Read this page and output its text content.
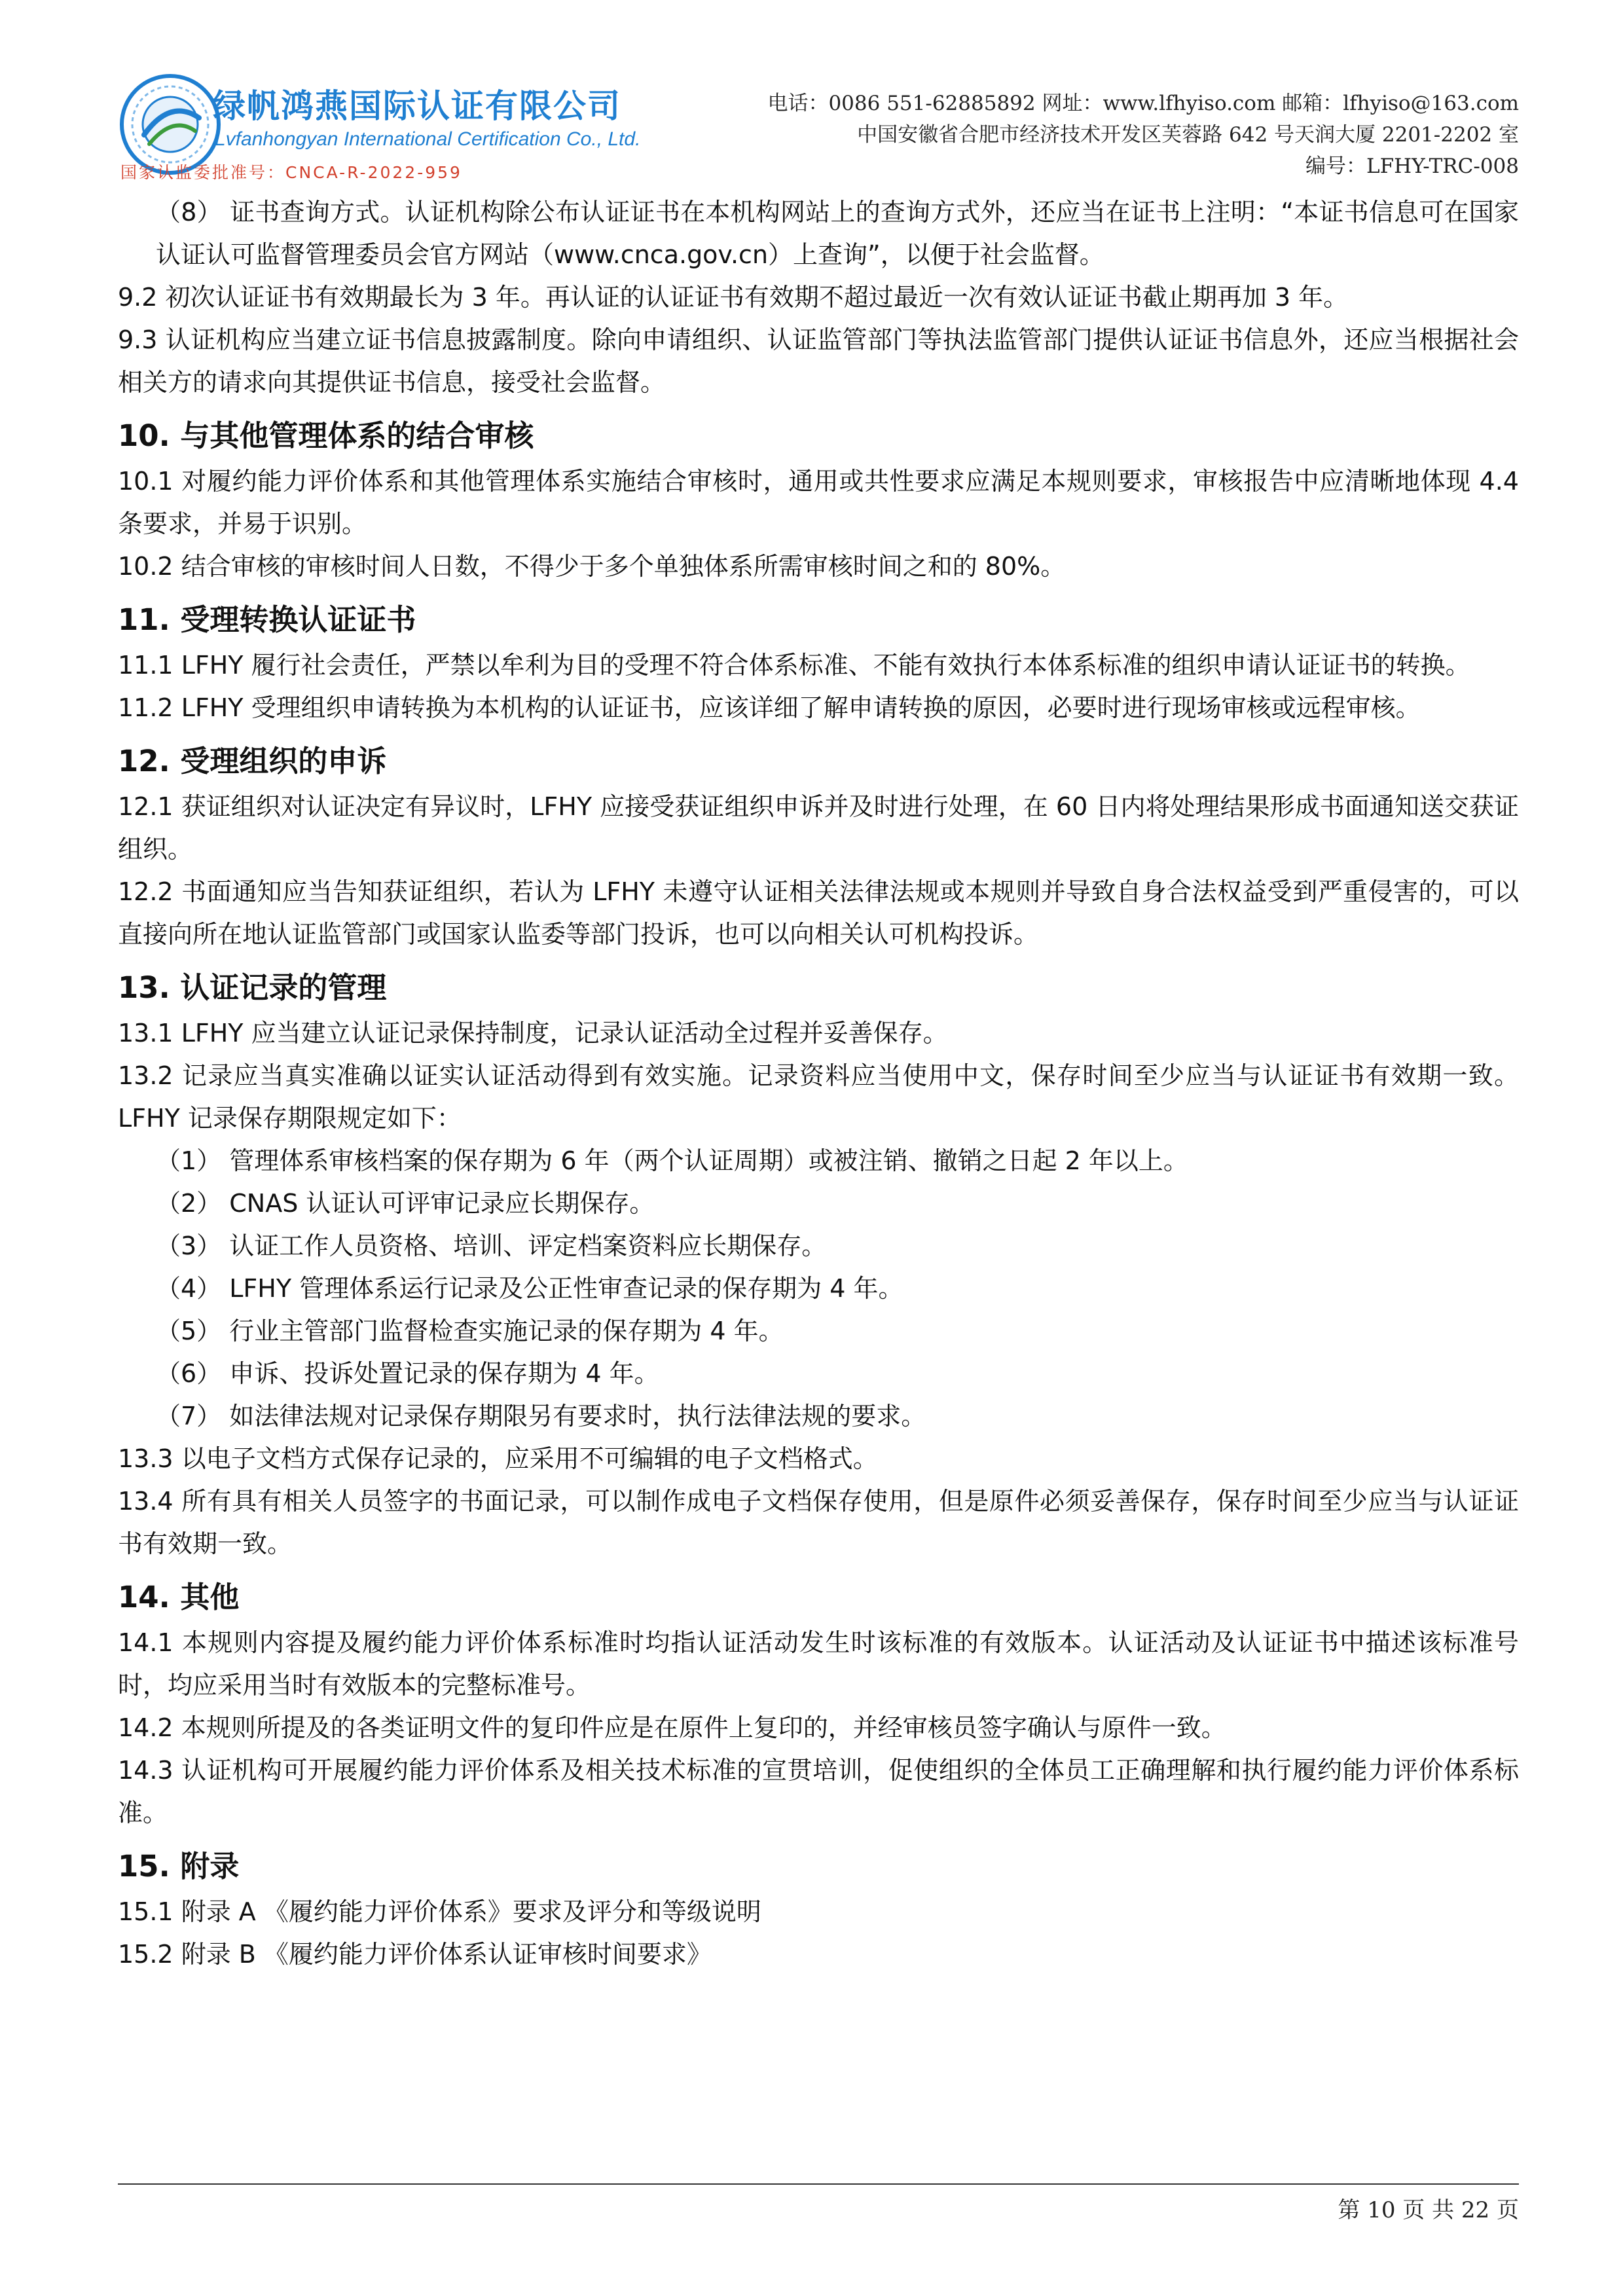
绿帆鸿燕国际认证有限公司
Lvfanhongyan International Certification Co., Ltd.
国家认监委批准号：CNCA-R-2022-959
电话：0086 551-62885892 网址：www.lfhyiso.com 邮箱：lfhyiso@163.com
中国安徽省合肥市经济技术开发区芙蓉路 642 号天润大厦 2201-2202 室
编号：LFHY-TRC-008

（8） 证书查询方式。认证机构除公布认证证书在本机构网站上的查询方式外，还应当在证书上注明：“本证书信息可在国家认证认可监督管理委员会官方网站（www.cnca.gov.cn）上查询”，以便于社会监督。

9.2 初次认证证书有效期最长为 3 年。再认证的认证证书有效期不超过最近一次有效认证证书截止期再加 3 年。

9.3 认证机构应当建立证书信息披露制度。除向申请组织、认证监管部门等执法监管部门提供认证证书信息外，还应当根据社会相关方的请求向其提供证书信息，接受社会监督。

10. 与其他管理体系的结合审核

10.1 对履约能力评价体系和其他管理体系实施结合审核时，通用或共性要求应满足本规则要求，审核报告中应清晰地体现 4.4 条要求，并易于识别。

10.2 结合审核的审核时间人日数，不得少于多个单独体系所需审核时间之和的 80%。

11. 受理转换认证证书

11.1 LFHY 履行社会责任，严禁以牟利为目的受理不符合体系标准、不能有效执行本体系标准的组织申请认证证书的转换。

11.2 LFHY 受理组织申请转换为本机构的认证证书，应该详细了解申请转换的原因，必要时进行现场审核或远程审核。

12. 受理组织的申诉

12.1 获证组织对认证决定有异议时，LFHY 应接受获证组织申诉并及时进行处理，在 60 日内将处理结果形成书面通知送交获证组织。

12.2 书面通知应当告知获证组织，若认为 LFHY 未遵守认证相关法律法规或本规则并导致自身合法权益受到严重侵害的，可以直接向所在地认证监管部门或国家认监委等部门投诉，也可以向相关认可机构投诉。

13. 认证记录的管理

13.1 LFHY 应当建立认证记录保持制度，记录认证活动全过程并妥善保存。

13.2 记录应当真实准确以证实认证活动得到有效实施。记录资料应当使用中文，保存时间至少应当与认证证书有效期一致。LFHY 记录保存期限规定如下：

（1） 管理体系审核档案的保存期为 6 年（两个认证周期）或被注销、撤销之日起 2 年以上。

（2） CNAS 认证认可评审记录应长期保存。

（3） 认证工作人员资格、培训、评定档案资料应长期保存。

（4） LFHY 管理体系运行记录及公正性审查记录的保存期为 4 年。

（5） 行业主管部门监督检查实施记录的保存期为 4 年。

（6） 申诉、投诉处置记录的保存期为 4 年。

（7） 如法律法规对记录保存期限另有要求时，执行法律法规的要求。

13.3 以电子文档方式保存记录的，应采用不可编辑的电子文档格式。

13.4 所有具有相关人员签字的书面记录，可以制作成电子文档保存使用，但是原件必须妥善保存，保存时间至少应当与认证证书有效期一致。

14. 其他

14.1 本规则内容提及履约能力评价体系标准时均指认证活动发生时该标准的有效版本。认证活动及认证证书中描述该标准号时，均应采用当时有效版本的完整标准号。

14.2 本规则所提及的各类证明文件的复印件应是在原件上复印的，并经审核员签字确认与原件一致。

14.3 认证机构可开展履约能力评价体系及相关技术标准的宣贯培训，促使组织的全体员工正确理解和执行履约能力评价体系标准。

15. 附录

15.1 附录 A 《履约能力评价体系》要求及评分和等级说明

15.2 附录 B 《履约能力评价体系认证审核时间要求》

第 10 页 共 22 页
